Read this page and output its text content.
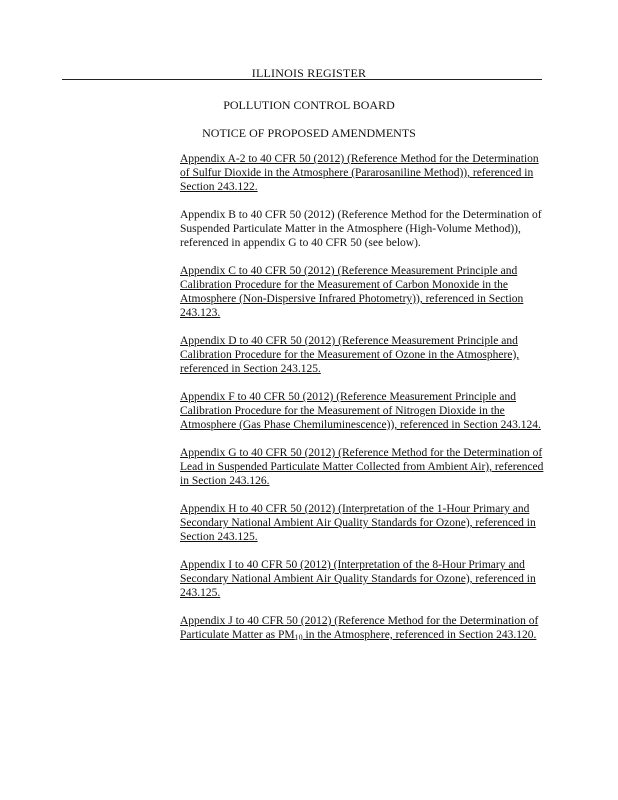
ILLINOIS REGISTER
POLLUTION CONTROL BOARD
NOTICE OF PROPOSED AMENDMENTS

Appendix A-2 to 40 CFR 50 (2012) (Reference Method for the Determination of Sulfur Dioxide in the Atmosphere (Pararosaniline Method)), referenced in Section 243.122.

Appendix B to 40 CFR 50 (2012) (Reference Method for the Determination of Suspended Particulate Matter in the Atmosphere (High-Volume Method)), referenced in appendix G to 40 CFR 50 (see below).

Appendix C to 40 CFR 50 (2012) (Reference Measurement Principle and Calibration Procedure for the Measurement of Carbon Monoxide in the Atmosphere (Non-Dispersive Infrared Photometry)), referenced in Section 243.123.

Appendix D to 40 CFR 50 (2012) (Reference Measurement Principle and Calibration Procedure for the Measurement of Ozone in the Atmosphere), referenced in Section 243.125.

Appendix F to 40 CFR 50 (2012) (Reference Measurement Principle and Calibration Procedure for the Measurement of Nitrogen Dioxide in the Atmosphere (Gas Phase Chemiluminescence)), referenced in Section 243.124.

Appendix G to 40 CFR 50 (2012) (Reference Method for the Determination of Lead in Suspended Particulate Matter Collected from Ambient Air), referenced in Section 243.126.

Appendix H to 40 CFR 50 (2012) (Interpretation of the 1-Hour Primary and Secondary National Ambient Air Quality Standards for Ozone), referenced in Section 243.125.

Appendix I to 40 CFR 50 (2012) (Interpretation of the 8-Hour Primary and Secondary National Ambient Air Quality Standards for Ozone), referenced in 243.125.

Appendix J to 40 CFR 50 (2012) (Reference Method for the Determination of Particulate Matter as $PM_{10}$ in the Atmosphere, referenced in Section 243.120.
